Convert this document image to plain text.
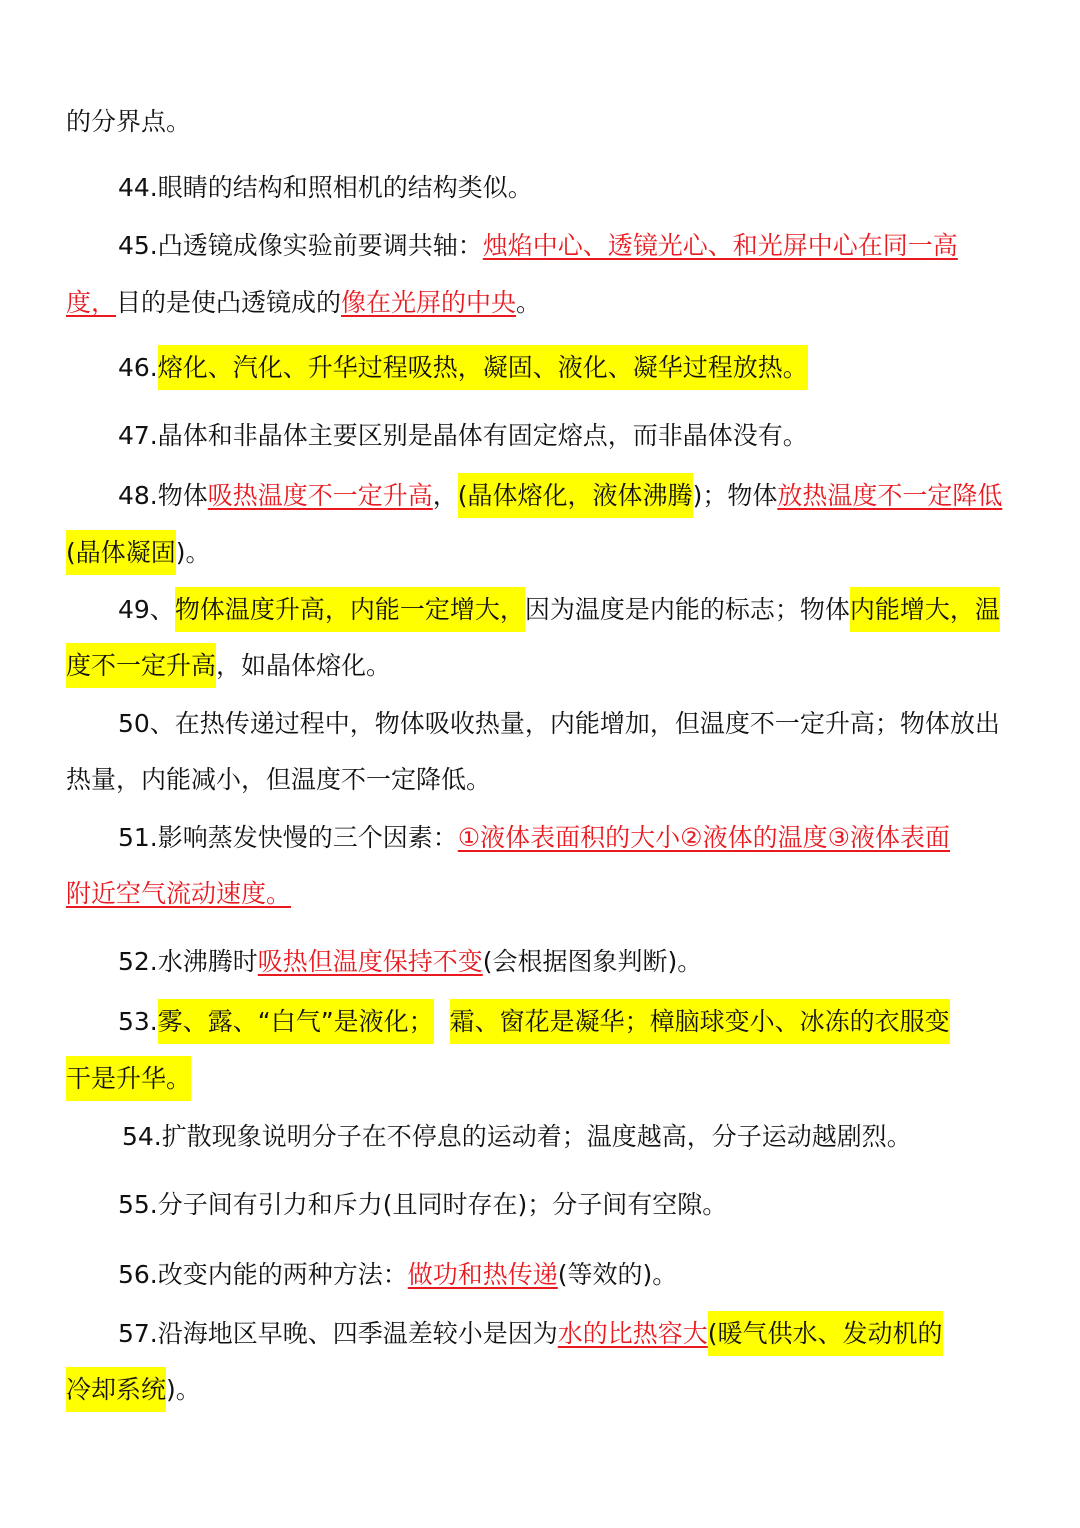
的分界点。
44.眼睛的结构和照相机的结构类似。
45.凸透镜成像实验前要调共轴：烛焰中心、透镜光心、和光屏中心在同一高
度，目的是使凸透镜成的像在光屏的中央。
46.熔化、汽化、升华过程吸热，凝固、液化、凝华过程放热。
47.晶体和非晶体主要区别是晶体有固定熔点，而非晶体没有。
48.物体吸热温度不一定升高，(晶体熔化，液体沸腾)；物体放热温度不一定降低
(晶体凝固)。
49、物体温度升高，内能一定增大，因为温度是内能的标志；物体内能增大，温
度不一定升高，如晶体熔化。
50、在热传递过程中，物体吸收热量，内能增加，但温度不一定升高；物体放出
热量，内能减小，但温度不一定降低。
51.影响蒸发快慢的三个因素：①液体表面积的大小②液体的温度③液体表面
附近空气流动速度。
52.水沸腾时吸热但温度保持不变(会根据图象判断)。
53.雾、露、“白气”是液化； 霜、窗花是凝华；樟脑球变小、冰冻的衣服变
干是升华。
54.扩散现象说明分子在不停息的运动着；温度越高，分子运动越剧烈。
55.分子间有引力和斥力(且同时存在)；分子间有空隙。
56.改变内能的两种方法：做功和热传递(等效的)。
57.沿海地区早晚、四季温差较小是因为水的比热容大(暖气供水、发动机的
冷却系统)。
